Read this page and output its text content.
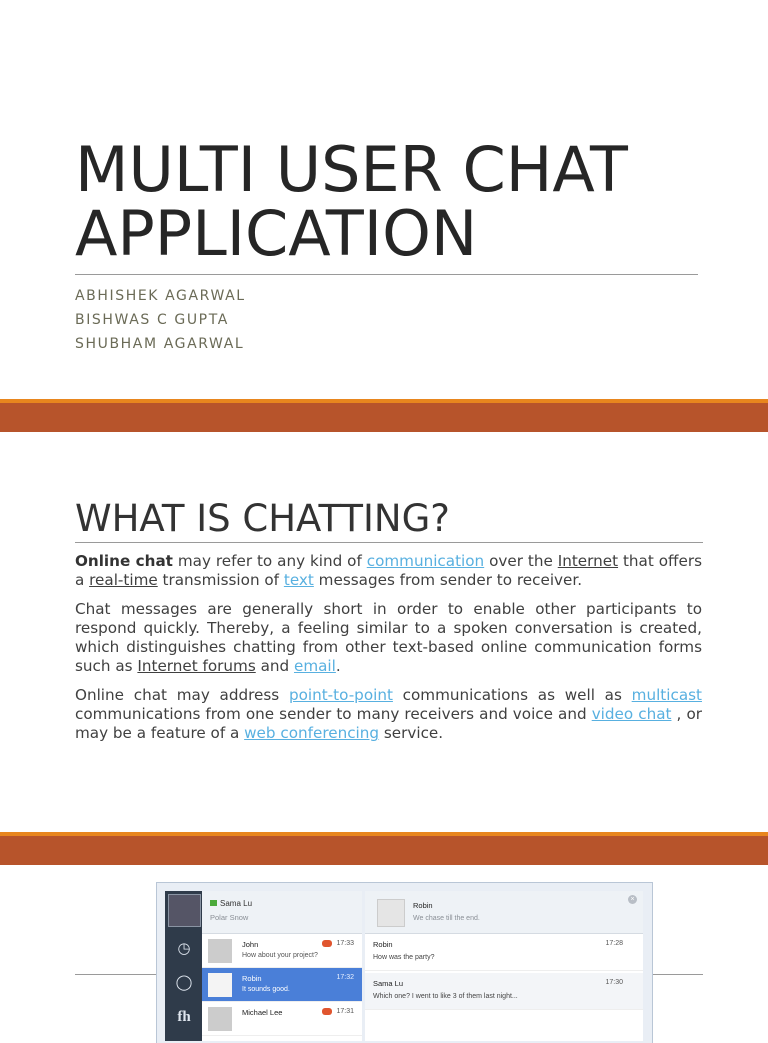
MULTI USER CHAT APPLICATION
ABHISHEK AGARWAL
BISHWAS C GUPTA
SHUBHAM AGARWAL
WHAT IS CHATTING?

Online chat may refer to any kind of communication over the Internet that offers a real-time transmission of text messages from sender to receiver.

Chat messages are generally short in order to enable other participants to respond quickly. Thereby, a feeling similar to a spoken conversation is created, which distinguishes chatting from other text-based online communication forms such as Internet forums and email.

Online chat may address point-to-point communications as well as multicast communications from one sender to many receivers and voice and video chat , or may be a feature of a web conferencing service.

◷
◯
fh
Sama Lu
Polar Snow
John
How about your project?
17:33
Robin
It sounds good.
17:32
Michael Lee	17:31
Robin
We chase till the end.
×
Robin
How was the party?
17:28
Sama Lu
Which one? I went to like 3 of them last night...
17:30
